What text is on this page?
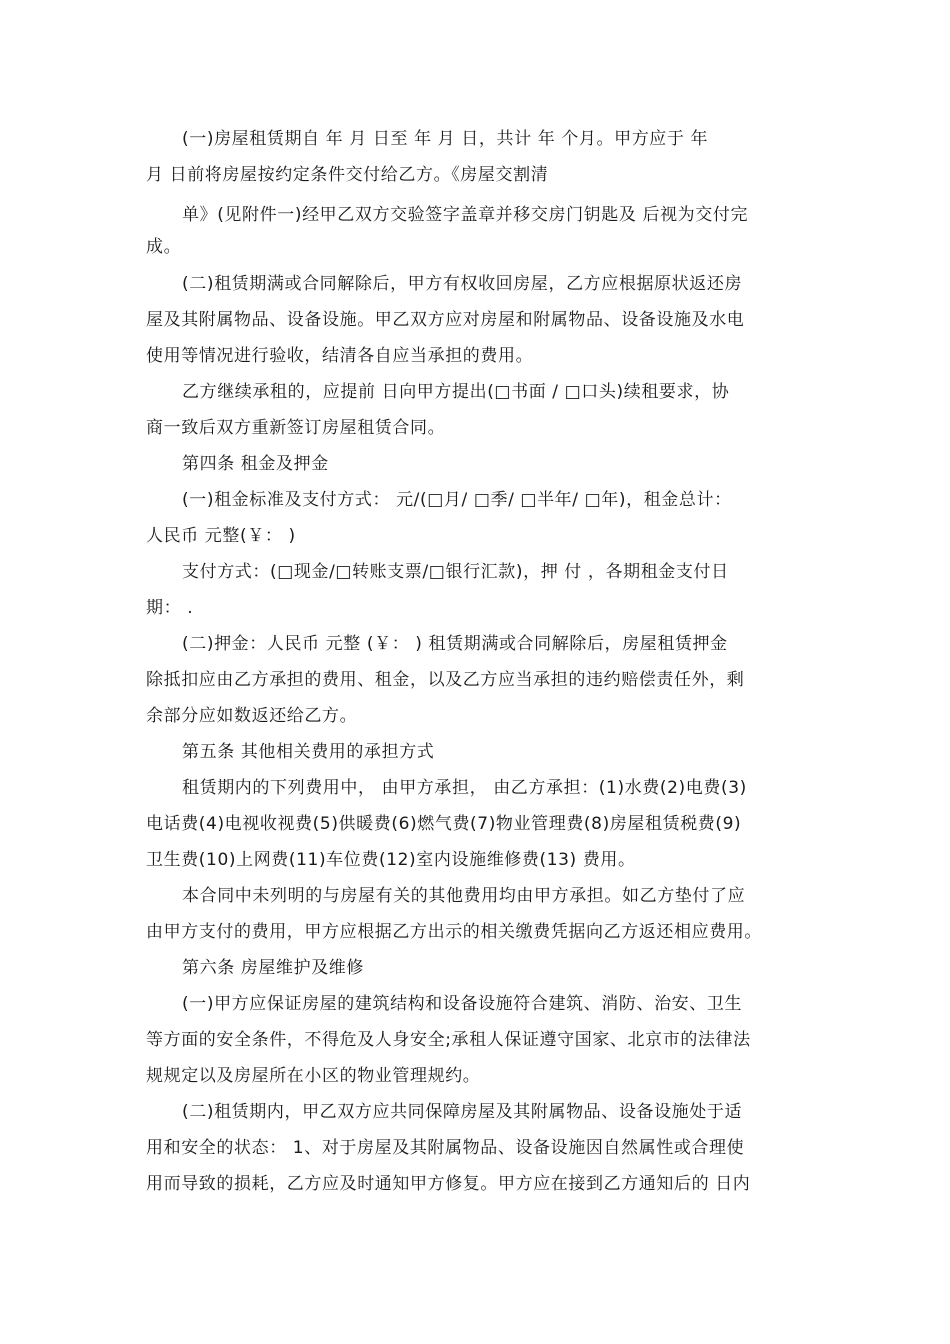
(一)房屋租赁期自 年 月 日至 年 月 日，共计 年 个月。甲方应于 年

月 日前将房屋按约定条件交付给乙方。《房屋交割清

单》(见附件一)经甲乙双方交验签字盖章并移交房门钥匙及 后视为交付完

成。

(二)租赁期满或合同解除后，甲方有权收回房屋，乙方应根据原状返还房

屋及其附属物品、设备设施。甲乙双方应对房屋和附属物品、设备设施及水电

使用等情况进行验收，结清各自应当承担的费用。

乙方继续承租的，应提前 日向甲方提出(□书面 / □口头)续租要求，协

商一致后双方重新签订房屋租赁合同。

第四条 租金及押金

(一)租金标准及支付方式： 元/(□月/ □季/ □半年/ □年)，租金总计：

人民币 元整(￥： )

支付方式：(□现金/□转账支票/□银行汇款)，押 付 ，各期租金支付日

期： .

(二)押金：人民币 元整 (￥： ) 租赁期满或合同解除后，房屋租赁押金

除抵扣应由乙方承担的费用、租金，以及乙方应当承担的违约赔偿责任外，剩

余部分应如数返还给乙方。

第五条 其他相关费用的承担方式

租赁期内的下列费用中， 由甲方承担， 由乙方承担：(1)水费(2)电费(3)

电话费(4)电视收视费(5)供暖费(6)燃气费(7)物业管理费(8)房屋租赁税费(9)

卫生费(10)上网费(11)车位费(12)室内设施维修费(13) 费用。

本合同中未列明的与房屋有关的其他费用均由甲方承担。如乙方垫付了应

由甲方支付的费用，甲方应根据乙方出示的相关缴费凭据向乙方返还相应费用。

第六条 房屋维护及维修

(一)甲方应保证房屋的建筑结构和设备设施符合建筑、消防、治安、卫生

等方面的安全条件，不得危及人身安全;承租人保证遵守国家、北京市的法律法

规规定以及房屋所在小区的物业管理规约。

(二)租赁期内，甲乙双方应共同保障房屋及其附属物品、设备设施处于适

用和安全的状态： 1、对于房屋及其附属物品、设备设施因自然属性或合理使

用而导致的损耗，乙方应及时通知甲方修复。甲方应在接到乙方通知后的 日内
